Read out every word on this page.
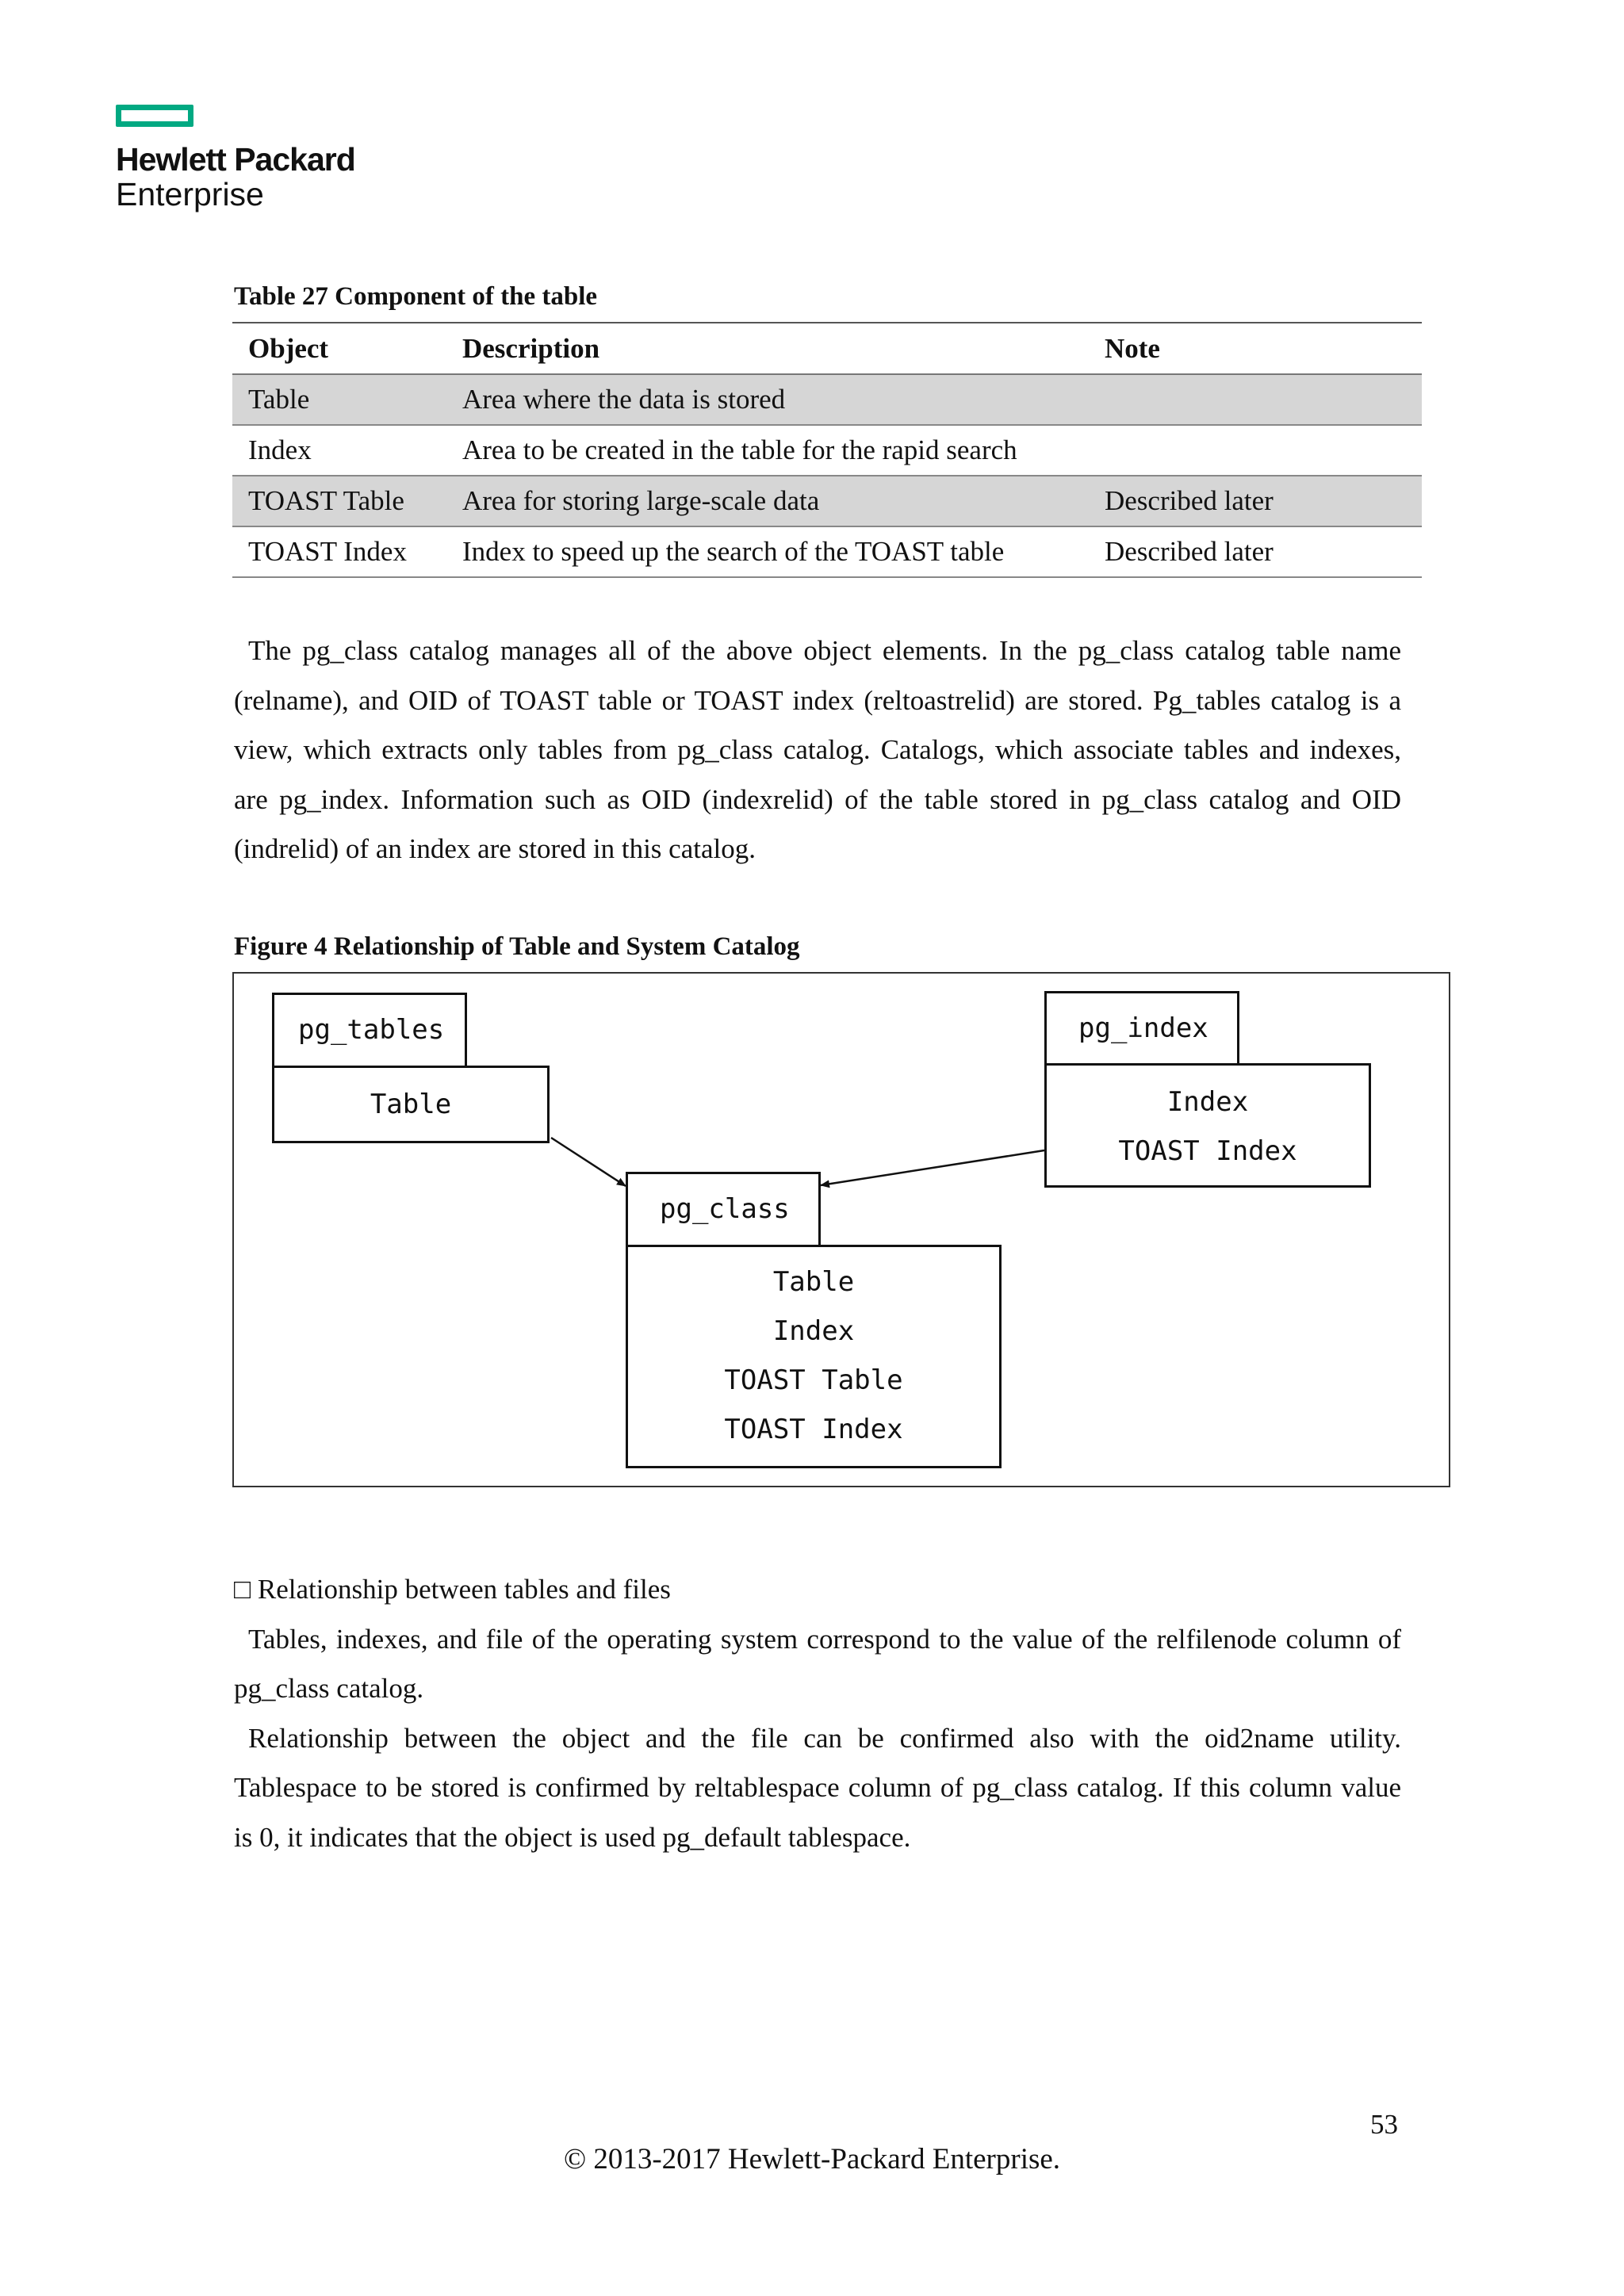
Hewlett Packard
Enterprise
Table 27 Component of the table
Object	Description	Note
Table	Area where the data is stored	
Index	Area to be created in the table for the rapid search	
TOAST Table	Area for storing large-scale data	Described later
TOAST Index	Index to speed up the search of the TOAST table	Described later
The pg_class catalog manages all of the above object elements. In the pg_class catalog table name
(relname), and OID of TOAST table or TOAST index (reltoastrelid) are stored. Pg_tables catalog is a
view, which extracts only tables from pg_class catalog. Catalogs, which associate tables and indexes,
are pg_index. Information such as OID (indexrelid) of the table stored in pg_class catalog and OID
(indrelid) of an index are stored in this catalog.
Figure 4 Relationship of Table and System Catalog
pg_tables
Table
pg_index
Index
TOAST Index
pg_class
Table
Index
TOAST Table
TOAST Index
□ Relationship between tables and files
Tables, indexes, and file of the operating system correspond to the value of the relfilenode column of
pg_class catalog.
Relationship between the object and the file can be confirmed also with the oid2name utility.
Tablespace to be stored is confirmed by reltablespace column of pg_class catalog. If this column value
is 0, it indicates that the object is used pg_default tablespace.
53
© 2013-2017 Hewlett-Packard Enterprise.
